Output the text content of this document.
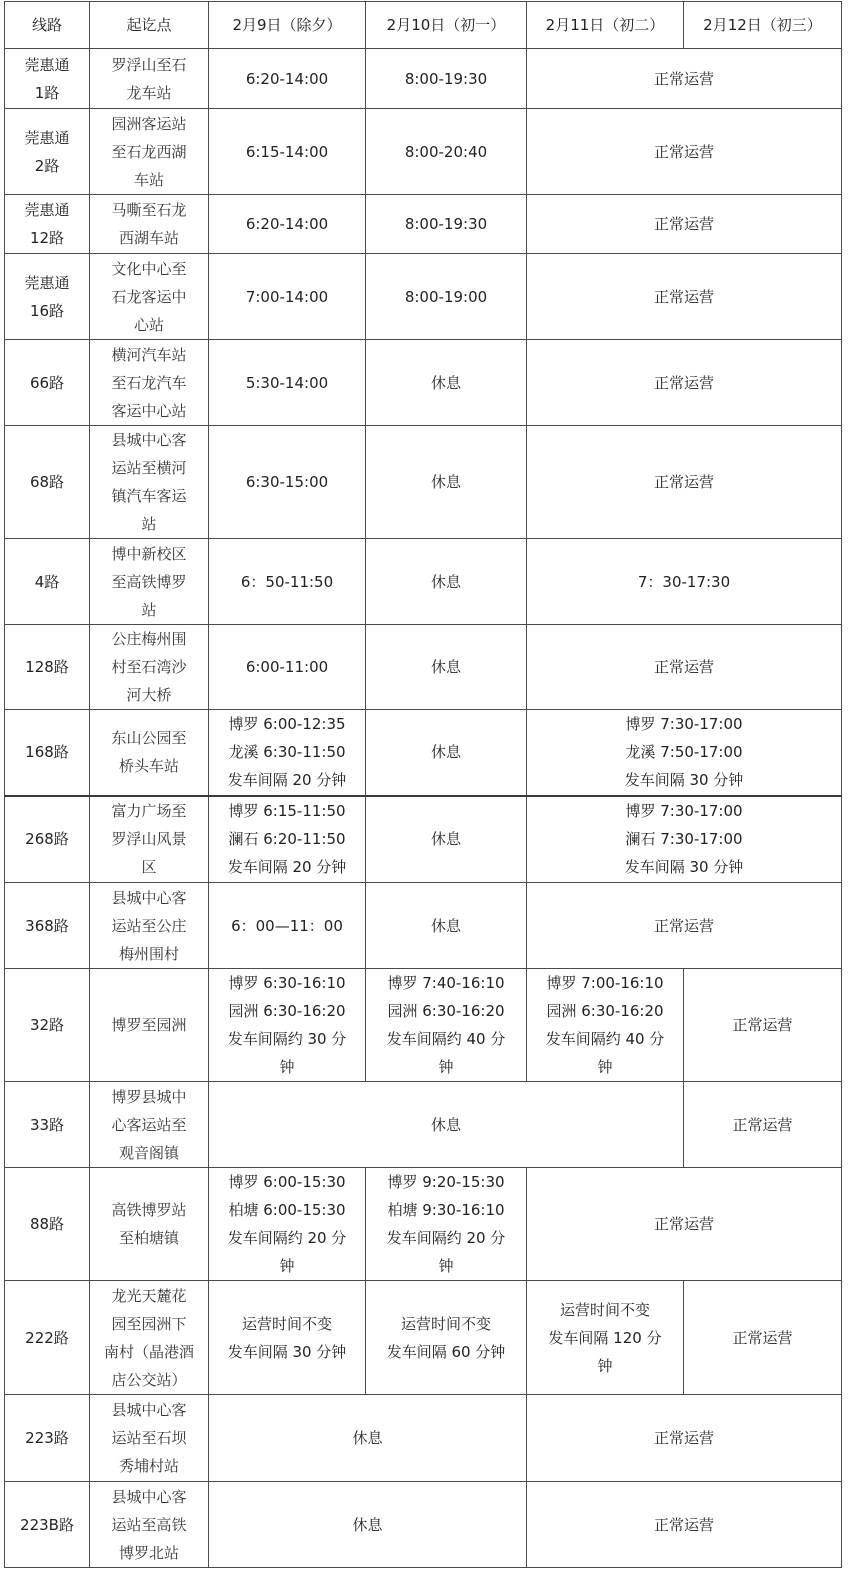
线路	起讫点	2月9日（除夕）	2月10日（初一）	2月11日（初二）	2月12日（初三）

莞惠通
1路	罗浮山至石
龙车站	6:20-14:00	8:00-19:30	正常运营	

莞惠通
2路	园洲客运站
至石龙西湖
车站	6:15-14:00	8:00-20:40	正常运营	

莞惠通
12路	马嘶至石龙
西湖车站	6:20-14:00	8:00-19:30	正常运营	

莞惠通
16路	文化中心至
石龙客运中
心站	7:00-14:00	8:00-19:00	正常运营	
66路	横河汽车站
至石龙汽车
客运中心站	5:30-14:00	休息	正常运营	
68路	县城中心客
运站至横河
镇汽车客运
站	6:30-15:00	休息	正常运营	
4路	博中新校区
至高铁博罗
站	6：50-11:50	休息	7：30-17:30	
128路	公庄梅州围
村至石湾沙
河大桥	6:00-11:00	休息	正常运营	
168路	东山公园至
桥头车站	博罗 6:00-12:35
龙溪 6:30-11:50
发车间隔 20 分钟	休息	博罗 7:30-17:00
龙溪 7:50-17:00
发车间隔 30 分钟	

268路	富力广场至
罗浮山风景
区	博罗 6:15-11:50
澜石 6:20-11:50
发车间隔 20 分钟	休息	博罗 7:30-17:00
澜石 7:30-17:00
发车间隔 30 分钟	

368路	县城中心客
运站至公庄
梅州围村	6：00—11：00	休息	正常运营	
32路	博罗至园洲	博罗 6:30-16:10
园洲 6:30-16:20
发车间隔约 30 分
钟	博罗 7:40-16:10
园洲 6:30-16:20
发车间隔约 40 分
钟	博罗 7:00-16:10
园洲 6:30-16:20
发车间隔约 40 分
钟	正常运营
33路	博罗县城中
心客运站至
观音阁镇	休息			正常运营
88路	高铁博罗站
至柏塘镇	博罗 6:00-15:30
柏塘 6:00-15:30
发车间隔约 20 分
钟	博罗 9:20-15:30
柏塘 9:30-16:10
发车间隔约 20 分
钟	正常运营	
222路	龙光天麓花
园至园洲下
南村（晶港酒
店公交站）	运营时间不变
发车间隔 30 分钟	运营时间不变
发车间隔 60 分钟	运营时间不变
发车间隔 120 分
钟	正常运营
223路	县城中心客
运站至石坝
秀埔村站	休息		正常运营	
223B路	县城中心客
运站至高铁
博罗北站	休息		正常运营	
